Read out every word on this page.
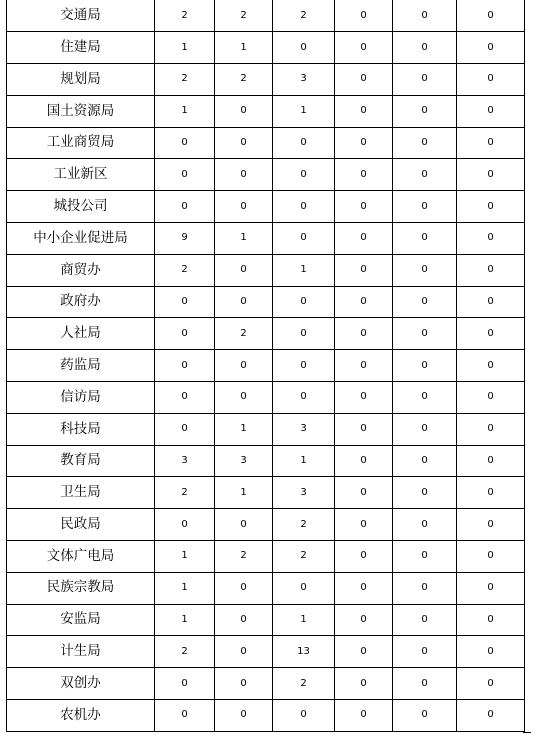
交通局	2	2	2	0	0	0
住建局	1	1	0	0	0	0
规划局	2	2	3	0	0	0
国土资源局	1	0	1	0	0	0
工业商贸局	0	0	0	0	0	0
工业新区	0	0	0	0	0	0
城投公司	0	0	0	0	0	0
中小企业促进局	9	1	0	0	0	0
商贸办	2	0	1	0	0	0
政府办	0	0	0	0	0	0
人社局	0	2	0	0	0	0
药监局	0	0	0	0	0	0
信访局	0	0	0	0	0	0
科技局	0	1	3	0	0	0
教育局	3	3	1	0	0	0
卫生局	2	1	3	0	0	0
民政局	0	0	2	0	0	0
文体广电局	1	2	2	0	0	0
民族宗教局	1	0	0	0	0	0
安监局	1	0	1	0	0	0
计生局	2	0	13	0	0	0
双创办	0	0	2	0	0	0
农机办	0	0	0	0	0	0
